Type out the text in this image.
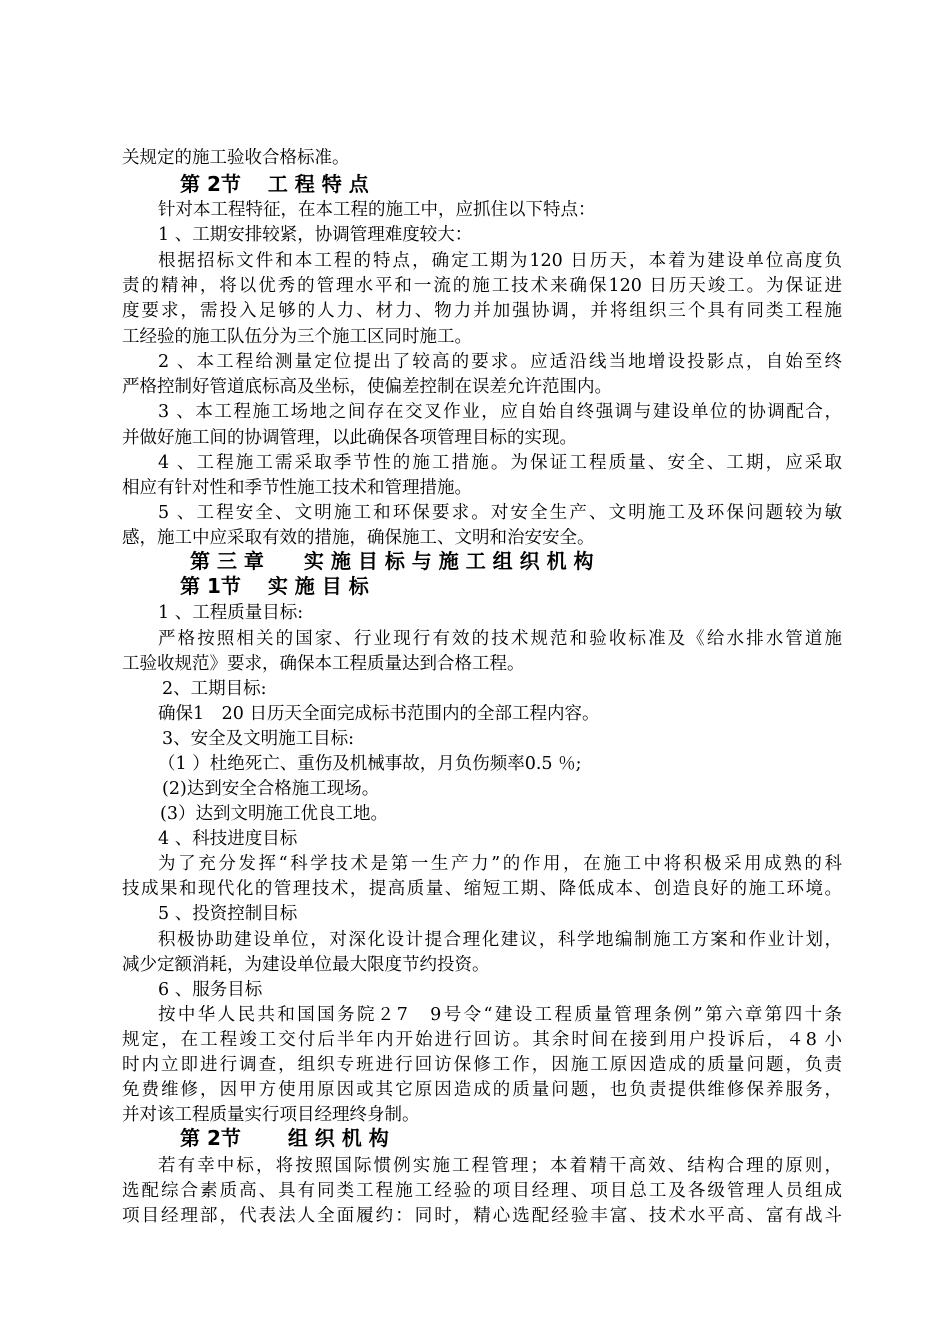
关规定的施工验收合格标准。
第 2节　 工 程 特 点
针对本工程特征，在本工程的施工中，应抓住以下特点：
1 、工期安排较紧，协调管理难度较大：
根据招标文件和本工程的特点，确定工期为120 日历天，本着为建设单位高度负
责的精神，将以优秀的管理水平和一流的施工技术来确保120 日历天竣工。为保证进
度要求，需投入足够的人力、材力、物力并加强协调，并将组织三个具有同类工程施
工经验的施工队伍分为三个施工区同时施工。
2 、本工程给测量定位提出了较高的要求。应适沿线当地增设投影点，自始至终
严格控制好管道底标高及坐标，使偏差控制在误差允许范围内。
3 、本工程施工场地之间存在交叉作业，应自始自终强调与建设单位的协调配合，
并做好施工间的协调管理，以此确保各项管理目标的实现。
4 、工程施工需采取季节性的施工措施。为保证工程质量、安全、工期，应采取
相应有针对性和季节性施工技术和管理措施。
5 、工程安全、文明施工和环保要求。对安全生产、文明施工及环保问题较为敏
感，施工中应采取有效的措施，确保施工、文明和治安安全。
第 三 章　　实 施 目 标 与 施 工 组 织 机 构
第 1节　 实 施 目 标
1 、工程质量目标:
严格按照相关的国家、行业现行有效的技术规范和验收标准及《给水排水管道施
工验收规范》要求，确保本工程质量达到合格工程。
2、工期目标:
确保1　20 日历天全面完成标书范围内的全部工程内容。
3、安全及文明施工目标:
（1 ）杜绝死亡、重伤及机械事故，月负伤频率0.5 ％;
(2)达到安全合格施工现场。
(3）达到文明施工优良工地。
4 、科技进度目标
为了充分发挥“科学技术是第一生产力”的作用，在施工中将积极采用成熟的科
技成果和现代化的管理技术，提高质量、缩短工期、降低成本、创造良好的施工环境。
5 、投资控制目标
积极协助建设单位，对深化设计提合理化建议，科学地编制施工方案和作业计划，
减少定额消耗，为建设单位最大限度节约投资。
6 、服务目标
按中华人民共和国国务院２7　9号令“建设工程质量管理条例”第六章第四十条
规定，在工程竣工交付后半年内开始进行回访。其余时间在接到用户投诉后，４8 小
时内立即进行调查，组织专班进行回访保修工作，因施工原因造成的质量问题，负责
免费维修，因甲方使用原因或其它原因造成的质量问题，也负责提供维修保养服务，
并对该工程质量实行项目经理终身制。
第 2节　　 组 织 机 构
若有幸中标，将按照国际惯例实施工程管理；本着精干高效、结构合理的原则，
选配综合素质高、具有同类工程施工经验的项目经理、项目总工及各级管理人员组成
项目经理部，代表法人全面履约：同时，精心选配经验丰富、技术水平高、富有战斗
